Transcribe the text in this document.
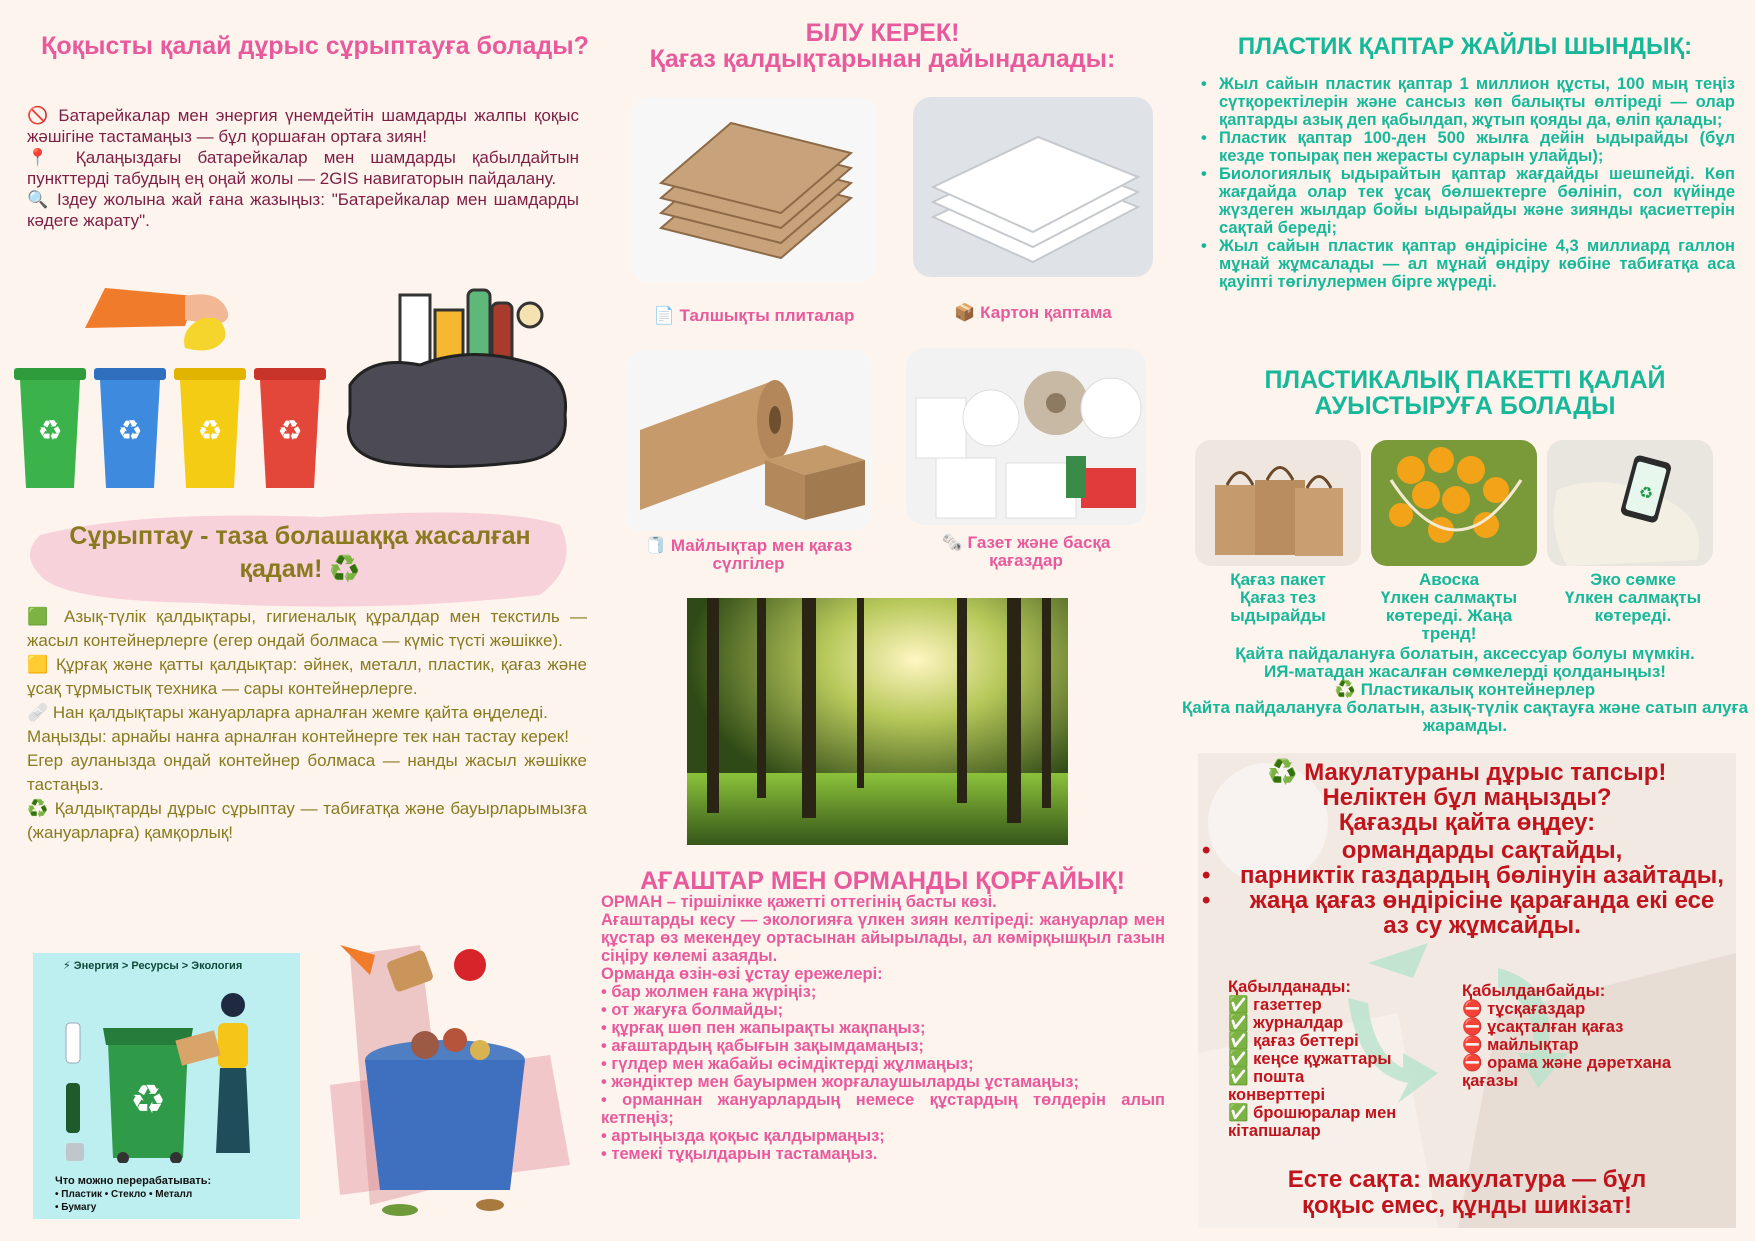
Қоқысты қалай дұрыс сұрыптауға болады?

🚫 Батарейкалар мен энергия үнемдейтін шамдарды жалпы қоқыс жәшігіне тастамаңыз — бұл қоршаған ортаға зиян!

📍 Қалаңыздағы батарейкалар мен шамдарды қабылдайтын пункттерді табудың ең оңай жолы — 2GIS навигаторын пайдалану.

🔍 Іздеу жолына жай ғана жазыңыз: "Батарейкалар мен шамдарды кәдеге жарату".

♻ ♻ ♻ ♻
Сұрыптау - таза болашаққа жасалған қадам! ♻️

🟩 Азық-түлік қалдықтары, гигиеналық құралдар мен текстиль — жасыл контейнерлерге (егер ондай болмаса — күміс түсті жәшікке).

🟨 Құрғақ және қатты қалдықтар: әйнек, металл, пластик, қағаз және ұсақ тұрмыстық техника — сары контейнерлерге.

🩹 Нан қалдықтары жануарларға арналған жемге қайта өңделеді.

Маңызды: арнайы нанға арналған контейнерге тек нан тастау керек!

Егер ауланызда ондай контейнер болмаса — нанды жасыл жәшікке тастаңыз.

♻️ Қалдықтарды дұрыс сұрыптау — табиғатқа және бауырларымызға (жануарларға) қамқорлық!

⚡ Энергия > Ресурсы > Экология
♻
Что можно перерабатывать:
• Пластик • Стекло • Металл
• Бумагу
БІЛУ КЕРЕК!
Қағаз қалдықтарынан дайындалады:
📄 Талшықты плиталар	📦 Картон қаптама
🧻 Майлықтар мен қағаз сүлгілер
🗞️ Газет және басқа қағаздар
АҒАШТАР МЕН ОРМАНДЫ ҚОРҒАЙЫҚ!
ОРМАН – тіршілікке қажетті оттегінің басты көзі.
Ағаштарды кесу — экологияға үлкен зиян келтіреді: жануарлар мен құстар өз мекендеу ортасынан айырылады, ал көмірқышқыл газын сіңіру көлемі азаяды.
Орманда өзін-өзі ұстау ережелері:
• бар жолмен ғана жүріңіз;
• от жағуға болмайды;
• құрғақ шөп пен жапырақты жақпаңыз;
• ағаштардың қабығын зақымдамаңыз;
• гүлдер мен жабайы өсімдіктерді жұлмаңыз;
• жәндіктер мен бауырмен жорғалаушыларды ұстамаңыз;
• орманнан жануарлардың немесе құстардың төлдерін алып кетпеңіз;
• артыңызда қоқыс қалдырмаңыз;
• темекі тұқылдарын тастамаңыз.
ПЛАСТИК ҚАПТАР ЖАЙЛЫ ШЫНДЫҚ:
• Жыл сайын пластик қаптар 1 миллион құсты, 100 мың теңіз сүтқоректілерін және сансыз көп балықты өлтіреді — олар қаптарды азық деп қабылдап, жұтып қояды да, өліп қалады;
• Пластик қаптар 100-ден 500 жылға дейін ыдырайды (бұл кезде топырақ пен жерасты суларын улайды);
• Биологиялық ыдырайтын қаптар жағдайды шешпейді. Көп жағдайда олар тек ұсақ бөлшектерге бөлініп, сол күйінде жүздеген жылдар бойы ыдырайды және зиянды қасиеттерін сақтай береді;
• Жыл сайын пластик қаптар өндірісіне 4,3 миллиард галлон мұнай жұмсалады — ал мұнай өндіру көбіне табиғатқа аса қауіпті төгілулермен бірге жүреді.
ПЛАСТИКАЛЫҚ ПАКЕТТІ ҚАЛАЙ АУЫСТЫРУҒА БОЛАДЫ
♻
Қағаз пакет
Қағаз тез ыдырайды
Авоска
Үлкен салмақты көтереді. Жаңа тренд!
Эко сөмке
Үлкен салмақты көтереді.
Қайта пайдалануға болатын, аксессуар болуы мүмкін.
ИЯ-матадан жасалған сөмкелерді қолданыңыз!
♻️ Пластикалық контейнерлер
Қайта пайдалануға болатын, азық-түлік сақтауға және сатып алуға жарамды.
♻️ Макулатураны дұрыс тапсыр!
Неліктен бұл маңызды?
Қағазды қайта өңдеу:
• ормандарды сақтайды,
• парниктік газдардың бөлінуін азайтады,
• жаңа қағаз өндірісіне қарағанда екі есе аз су жұмсайды.
Қабылданады:
✅ газеттер
✅ журналдар
✅ қағаз беттері
✅ кеңсе құжаттары
✅ пошта конверттері
✅ брошюралар мен кітапшалар
Қабылданбайды:
⛔ тұсқағаздар
⛔ ұсақталған қағаз
⛔ майлықтар
⛔ орама және дәретхана қағазы
Есте сақта: макулатура — бұл
қоқыс емес, құнды шикізат!
